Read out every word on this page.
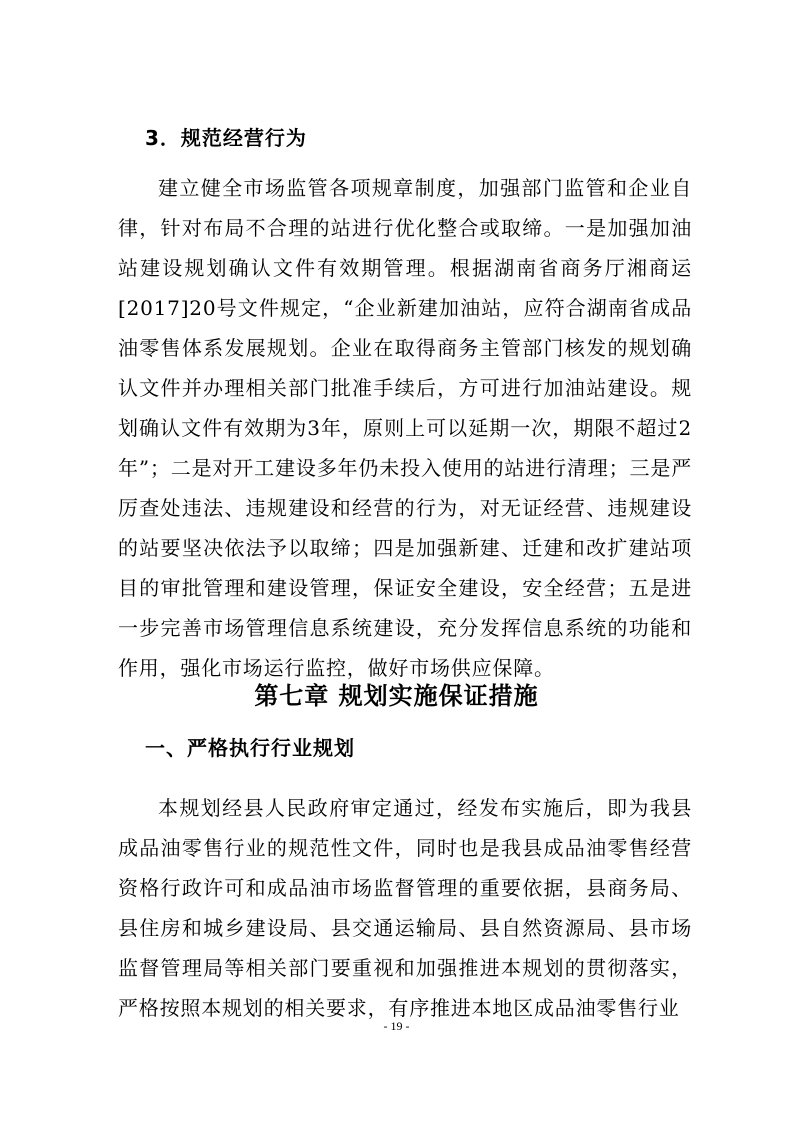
3．规范经营行为

建立健全市场监管各项规章制度，加强部门监管和企业自律，针对布局不合理的站进行优化整合或取缔。一是加强加油站建设规划确认文件有效期管理。根据湖南省商务厅湘商运[2017]20号文件规定，“企业新建加油站，应符合湖南省成品油零售体系发展规划。企业在取得商务主管部门核发的规划确认文件并办理相关部门批准手续后，方可进行加油站建设。规划确认文件有效期为3年，原则上可以延期一次，期限不超过2年”；二是对开工建设多年仍未投入使用的站进行清理；三是严厉查处违法、违规建设和经营的行为，对无证经营、违规建设的站要坚决依法予以取缔；四是加强新建、迁建和改扩建站项目的审批管理和建设管理，保证安全建设，安全经营；五是进一步完善市场管理信息系统建设，充分发挥信息系统的功能和作用，强化市场运行监控，做好市场供应保障。

第七章 规划实施保证措施
一、严格执行行业规划

本规划经县人民政府审定通过，经发布实施后，即为我县成品油零售行业的规范性文件，同时也是我县成品油零售经营资格行政许可和成品油市场监督管理的重要依据，县商务局、县住房和城乡建设局、县交通运输局、县自然资源局、县市场监督管理局等相关部门要重视和加强推进本规划的贯彻落实，严格按照本规划的相关要求，有序推进本地区成品油零售行业

- 19 -
